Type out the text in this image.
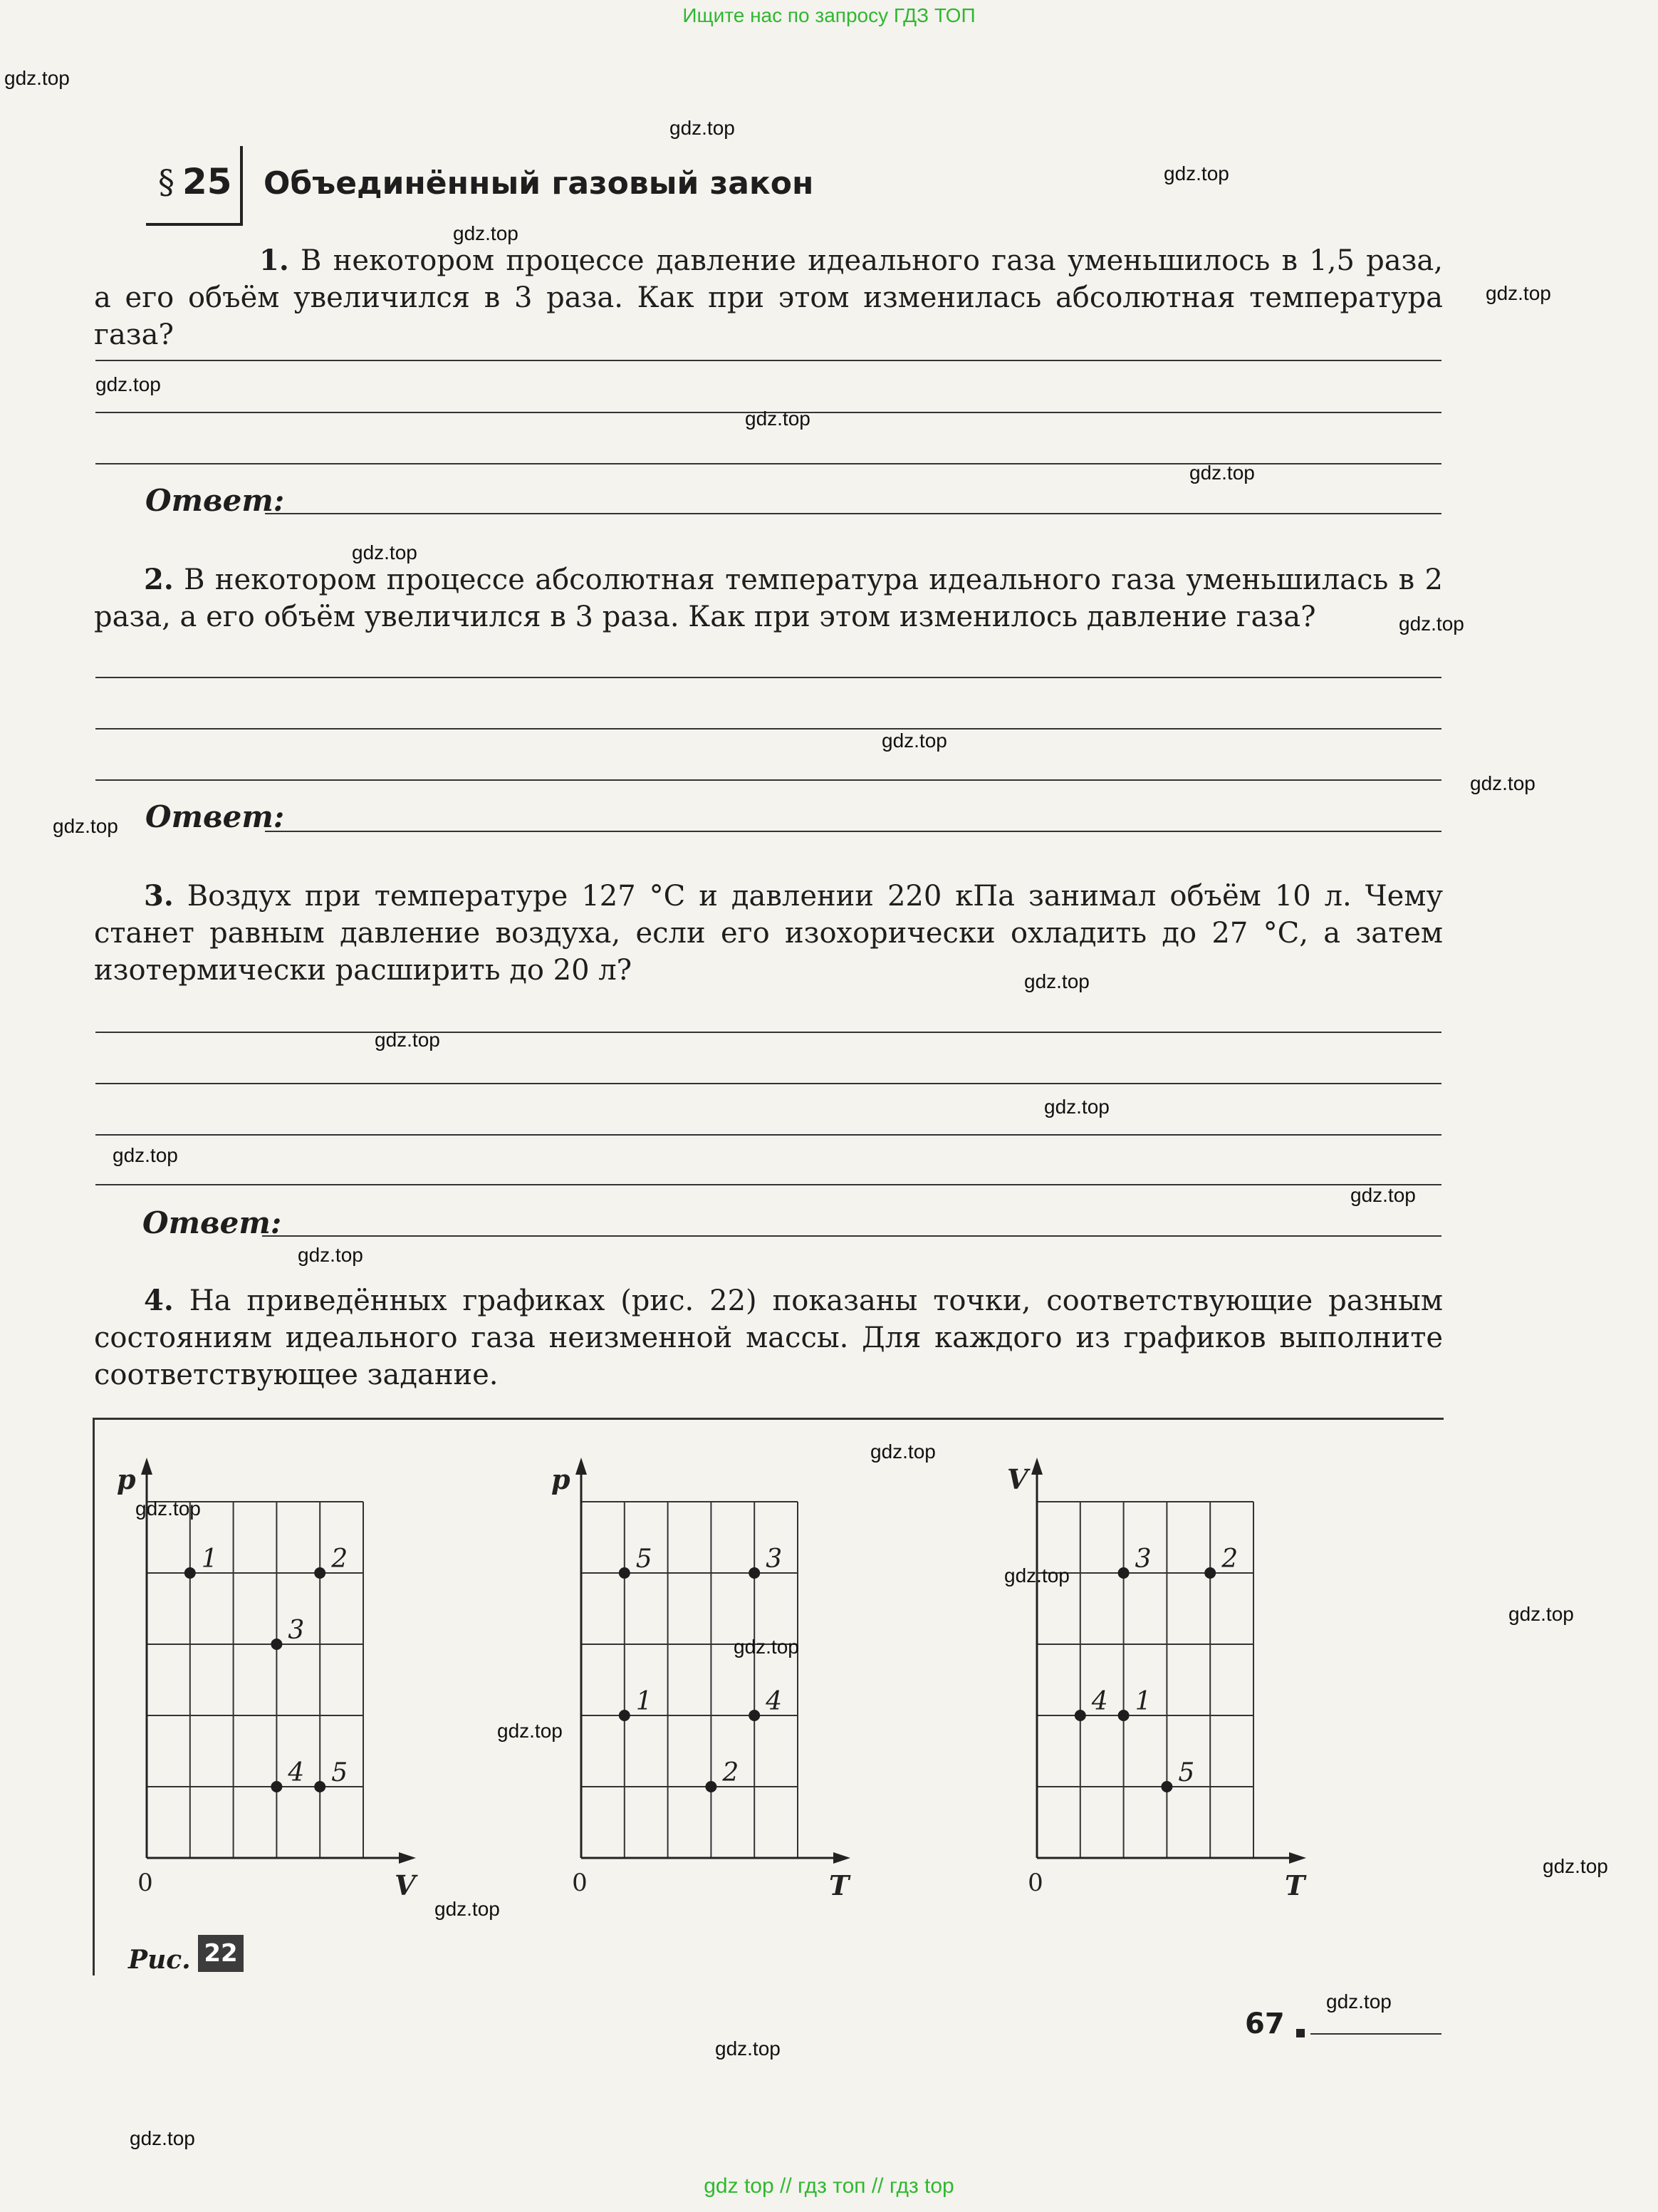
Ищите нас по запросу ГДЗ ТОП
gdz top // гдз топ // гдз top
§ 25 Объединённый газовый закон
1. В некотором процессе давление идеального газа уменьшилось в 1,5 раза, а его объём увеличился в 3 раза. Как при этом изменилась абсолютная температура газа?
Ответ:
2. В некотором процессе абсолютная температура идеального газа уменьшилась в 2 раза, а его объём увеличился в 3 раза. Как при этом изменилось давление газа?
Ответ:
3. Воздух при температуре 127 °С и давлении 220 кПа занимал объём 10 л. Чему станет равным давление воздуха, если его изохорически охладить до 27 °С, а затем изотермически расширить до 20 л?
Ответ:
4. На приведённых графиках (рис. 22) показаны точки, соответствующие разным состояниям идеального газа неизменной массы. Для каждого из графиков выполните соответствующее задание.
p
V
0
1	2
3
4 5
p
T
0
5	3
1	4
2
V
T
0
3	2
4 1
5
Рис. 22
67
gdz.top
gdz.top
gdz.top
gdz.top
gdz.top
gdz.top
gdz.top
gdz.top
gdz.top
gdz.top
gdz.top
gdz.top
gdz.top
gdz.top
gdz.top
gdz.top
gdz.top
gdz.top
gdz.top
gdz.top
gdz.top
gdz.top
gdz.top
gdz.top
gdz.top
gdz.top
gdz.top
gdz.top
gdz.top
gdz.top
